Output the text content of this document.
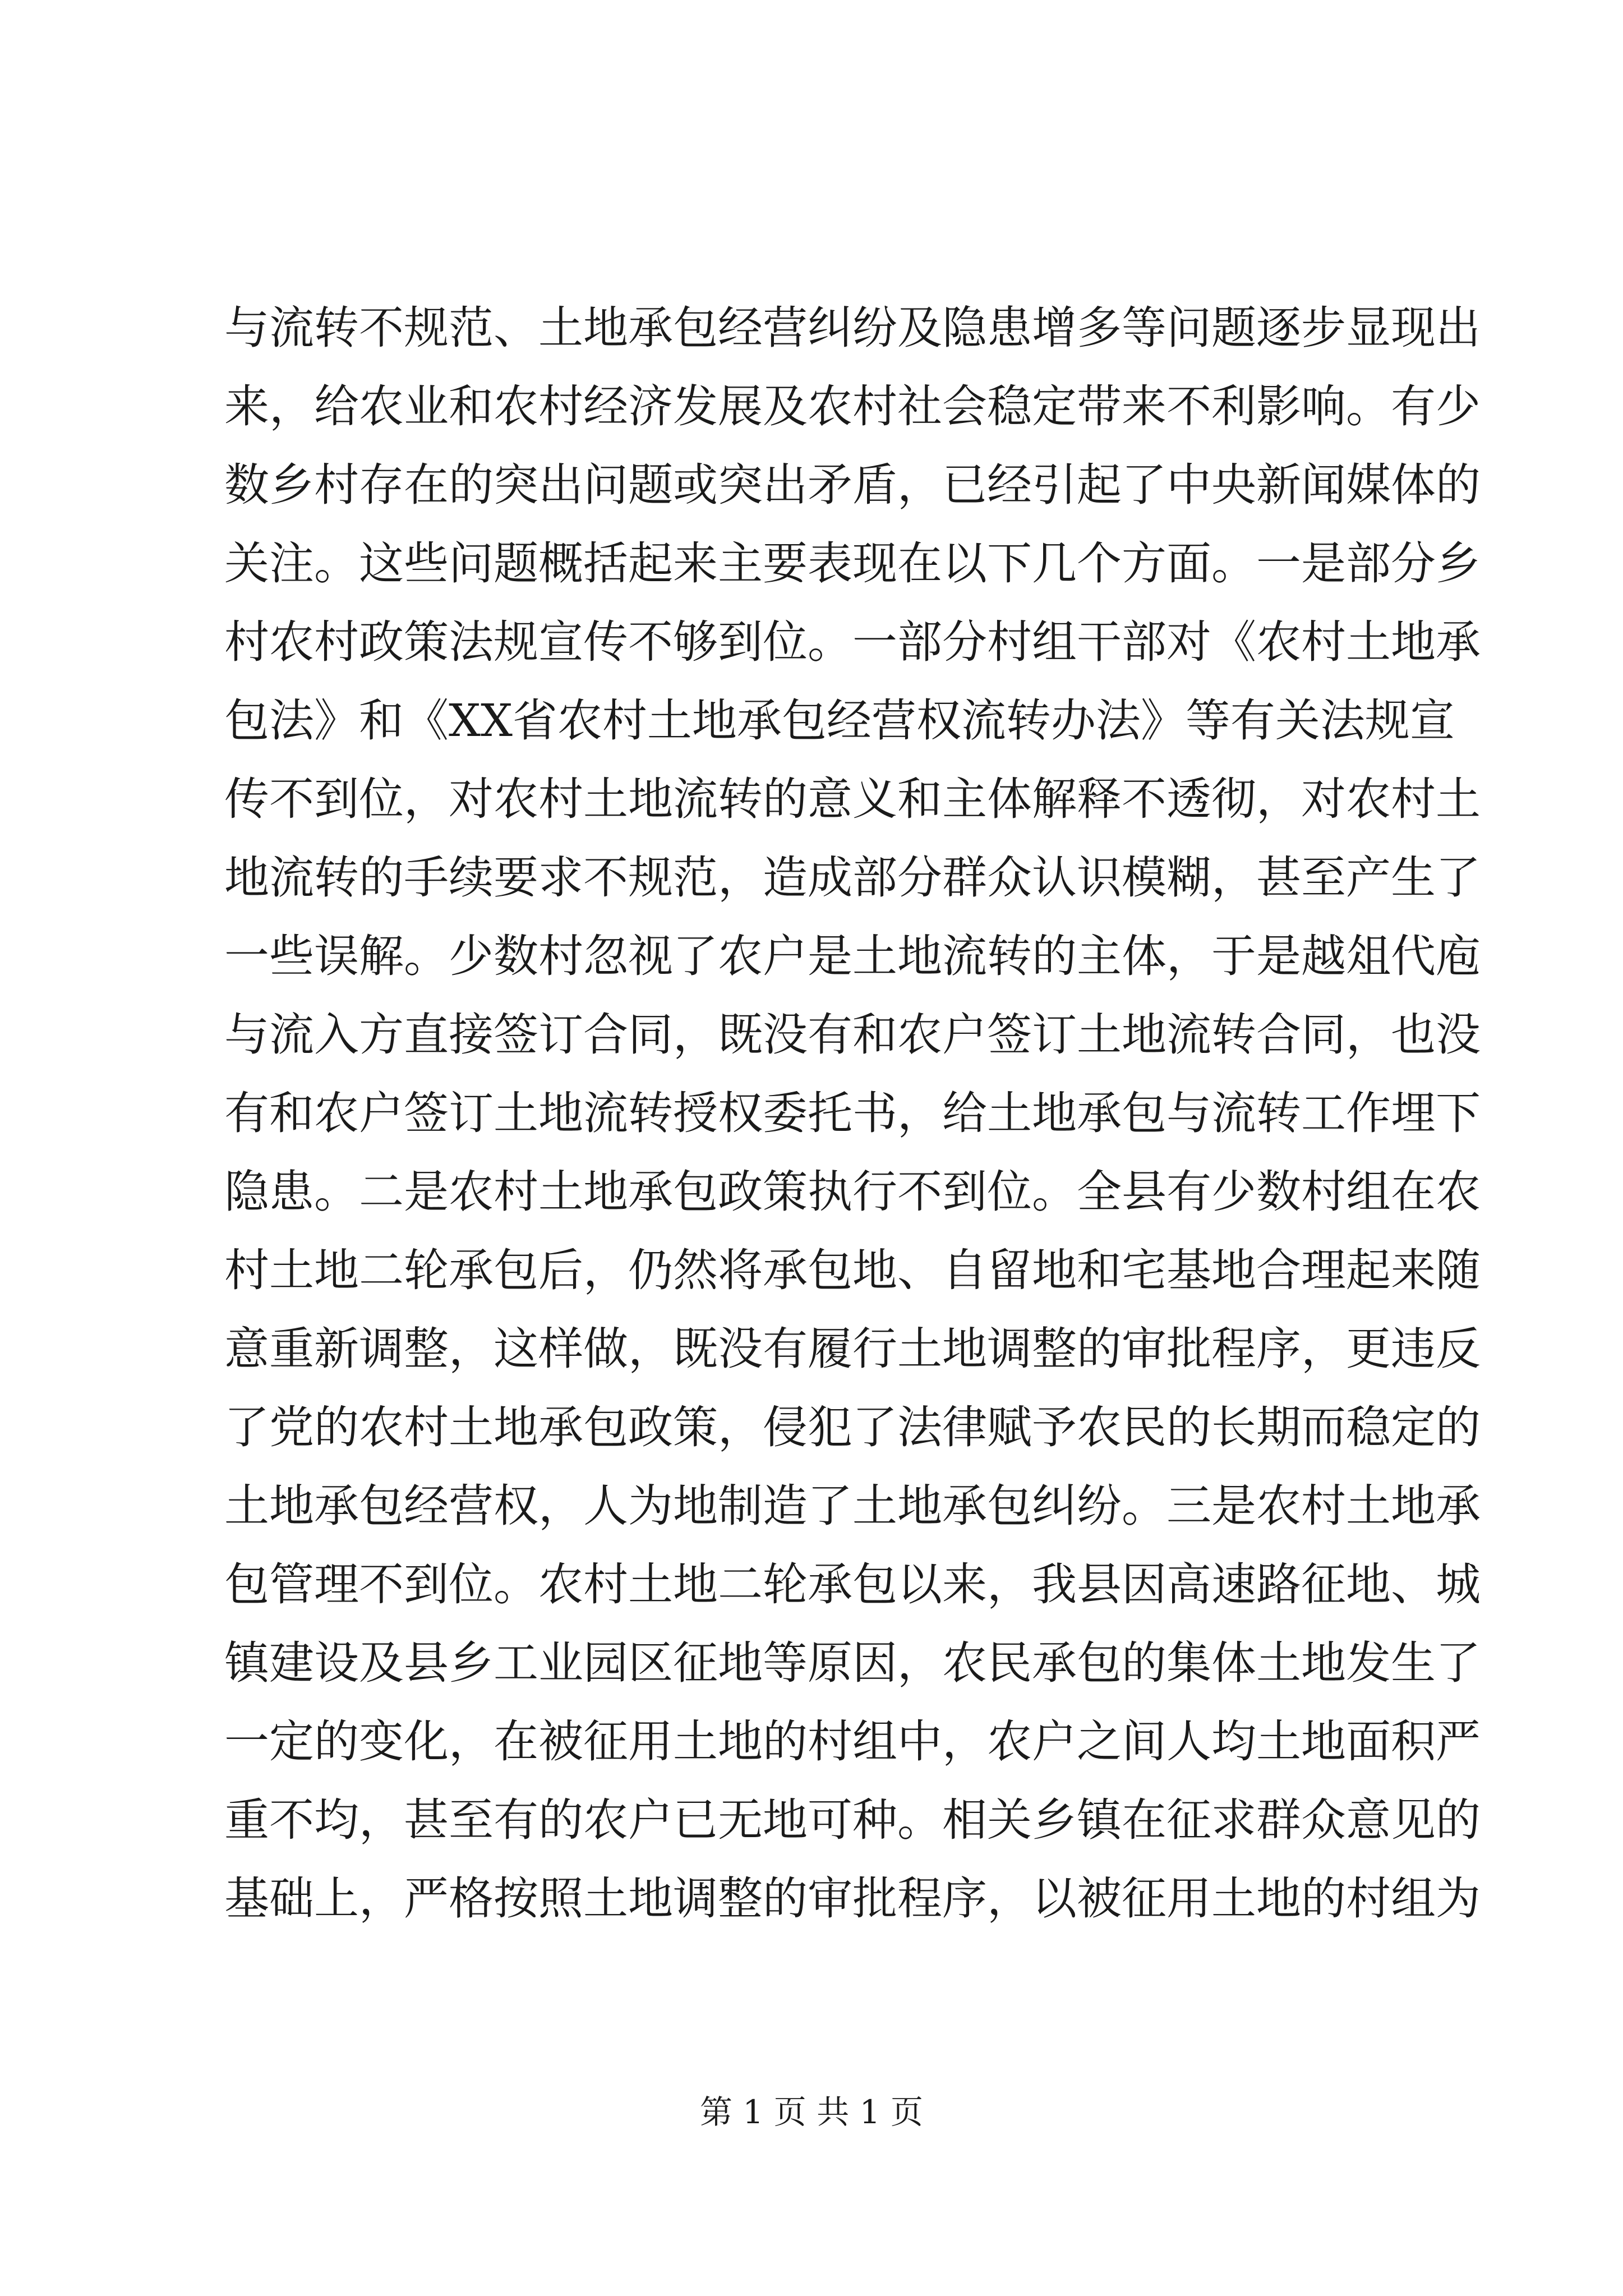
与流转不规范、土地承包经营纠纷及隐患增多等问题逐步显现出
来，给农业和农村经济发展及农村社会稳定带来不利影响。有少
数乡村存在的突出问题或突出矛盾，已经引起了中央新闻媒体的
关注。这些问题概括起来主要表现在以下几个方面。一是部分乡
村农村政策法规宣传不够到位。一部分村组干部对《农村土地承
包法》和《XX省农村土地承包经营权流转办法》等有关法规宣
传不到位，对农村土地流转的意义和主体解释不透彻，对农村土
地流转的手续要求不规范，造成部分群众认识模糊，甚至产生了
一些误解。少数村忽视了农户是土地流转的主体，于是越俎代庖
与流入方直接签订合同，既没有和农户签订土地流转合同，也没
有和农户签订土地流转授权委托书，给土地承包与流转工作埋下
隐患。二是农村土地承包政策执行不到位。全县有少数村组在农
村土地二轮承包后，仍然将承包地、自留地和宅基地合理起来随
意重新调整，这样做，既没有履行土地调整的审批程序，更违反
了党的农村土地承包政策，侵犯了法律赋予农民的长期而稳定的
土地承包经营权，人为地制造了土地承包纠纷。三是农村土地承
包管理不到位。农村土地二轮承包以来，我县因高速路征地、城
镇建设及县乡工业园区征地等原因，农民承包的集体土地发生了
一定的变化，在被征用土地的村组中，农户之间人均土地面积严
重不均，甚至有的农户已无地可种。相关乡镇在征求群众意见的
基础上，严格按照土地调整的审批程序，以被征用土地的村组为
第 1 页 共 1 页
